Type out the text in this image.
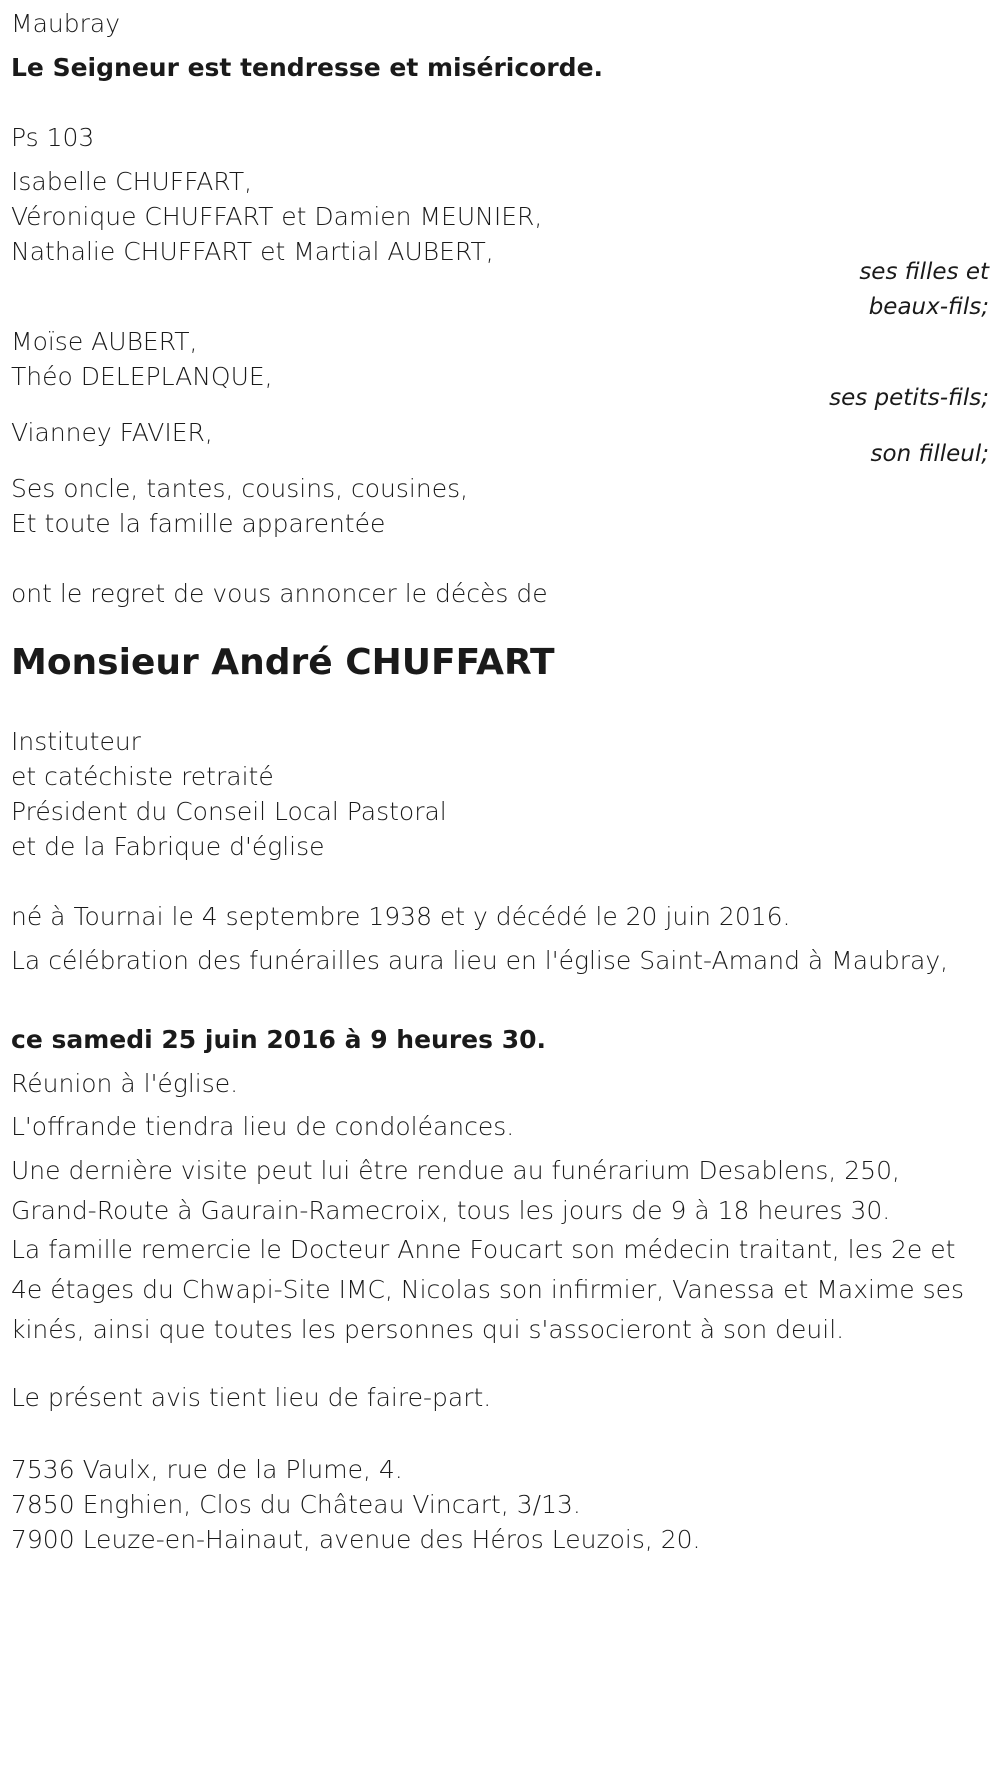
Maubray
Le Seigneur est tendresse et miséricorde.
Ps 103
Isabelle CHUFFART,
Véronique CHUFFART et Damien MEUNIER,
Nathalie CHUFFART et Martial AUBERT,
Moïse AUBERT,
Théo DELEPLANQUE,
Vianney FAVIER,
Ses oncle, tantes, cousins, cousines,
Et toute la famille apparentée
ont le regret de vous annoncer le décès de
Monsieur André CHUFFART
Instituteur
et catéchiste retraité
Président du Conseil Local Pastoral
et de la Fabrique d'église
né à Tournai le 4 septembre 1938 et y décédé le 20 juin 2016.
La célébration des funérailles aura lieu en l'église Saint-Amand à Maubray,
ce samedi 25 juin 2016 à 9 heures 30.
Réunion à l'église.
L'offrande tiendra lieu de condoléances.
Une dernière visite peut lui être rendue au funérarium Desablens, 250, Grand-Route à Gaurain-Ramecroix, tous les jours de 9 à 18 heures 30.
La famille remercie le Docteur Anne Foucart son médecin traitant, les 2e et 4e étages du Chwapi-Site IMC, Nicolas son infirmier, Vanessa et Maxime ses kinés, ainsi que toutes les personnes qui s'associeront à son deuil.
Le présent avis tient lieu de faire-part.
7536 Vaulx, rue de la Plume, 4.
7850 Enghien, Clos du Château Vincart, 3/13.
7900 Leuze-en-Hainaut, avenue des Héros Leuzois, 20.
ses filles et
beaux-fils;
ses petits-fils;
son filleul;
